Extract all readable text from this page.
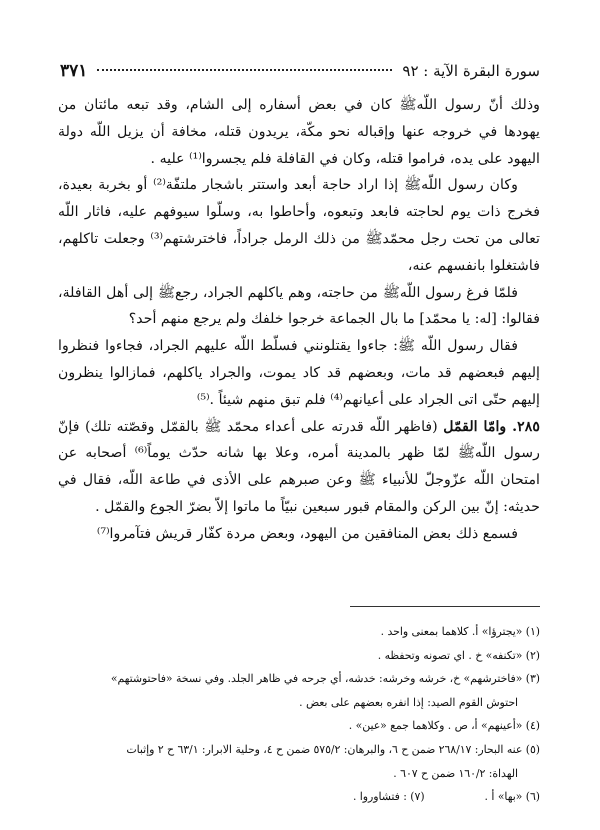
سورة البقرة الآية : ٩٢
٣٧١

وذلك أنّ رسول اللّهﷺ كان في بعض أسفاره إلى الشام، وقد تبعه مائتان من يهودها في خروجه عنها وإقباله نحو مكّة، يريدون قتله، مخافة أن يزيل اللّه دولة اليهود على يده، فراموا قتله، وكان في القافلة فلم يجسروا⁽¹⁾ عليه .

وكان رسول اللّهﷺ إذا اراد حاجة أبعد واستتر باشجار ملتفّة⁽²⁾ أو بخربة بعيدة، فخرج ذات يوم لحاجته فابعد وتبعوه، وأحاطوا به، وسلّوا سيوفهم عليه، فاثار اللّه تعالى من تحت رجل محمّدﷺ من ذلك الرمل جراداً، فاخترشتهم⁽³⁾ وجعلت تاكلهم، فاشتغلوا بانفسهم عنه،

فلمّا فرغ رسول اللّهﷺ من حاجته، وهم ياكلهم الجراد، رجعﷺ إلى أهل القافلة، فقالوا: [له: يا محمّد] ما بال الجماعة خرجوا خلفك ولم يرجع منهم أحد؟

فقال رسول اللّه ﷺ: جاءوا يقتلونني فسلّط اللّه عليهم الجراد، فجاءوا فنظروا إليهم فبعضهم قد مات، وبعضهم قد كاد يموت، والجراد ياكلهم، فمازالوا ينظرون إليهم حتّى اتى الجراد على أعيانهم⁽⁴⁾ فلم تبق منهم شيئاً .⁽⁵⁾

٢٨٥. وامّا القمّل (فاظهر اللّه قدرته على أعداء محمّد ﷺ بالقمّل وقصّته تلك) فإنّ رسول اللّهﷺ لمّا ظهر بالمدينة أمره، وعلا بها شانه حدّث يوماً⁽⁶⁾ أصحابه عن امتحان اللّه عزّوجلّ للأنبياء ﷺ وعن صبرهم على الأذى في طاعة اللّه، فقال في حديثه: إنّ بين الركن والمقام قبور سبعين نبيّاً ما ماتوا إلاّ بضرّ الجوع والقمّل .

فسمع ذلك بعض المنافقين من اليهود، وبعض مردة كفّار قريش فتآمروا⁽⁷⁾

(١) «يجترؤا» أ. كلاهما بمعنى واحد .

(٢) «تكنفه» خ . اي تصونه وتحفظه .

(٣) «فاخترشهم» خ، خرشه وخرشه: خدشه، أي جرحه في ظاهر الجلد. وفي نسخة «فاحتوشتهم»

احتوش القوم الصيد: إذا انفره بعضهم على بعض .

(٤) «أعينهم» أ، ص . وكلاهما جمع «عين» .

(٥) عنه البحار: ٢٦٨/١٧ ضمن ح ٦، والبرهان: ٥٧٥/٢ ضمن ح ٤، وحلية الابرار: ٦٣/١ ح ٢ وإثبات

الهداة: ١٦٠/٢ ضمن ح ٦٠٧ .

(٦) «بها» أ .
(٧) : فتشاوروا .
